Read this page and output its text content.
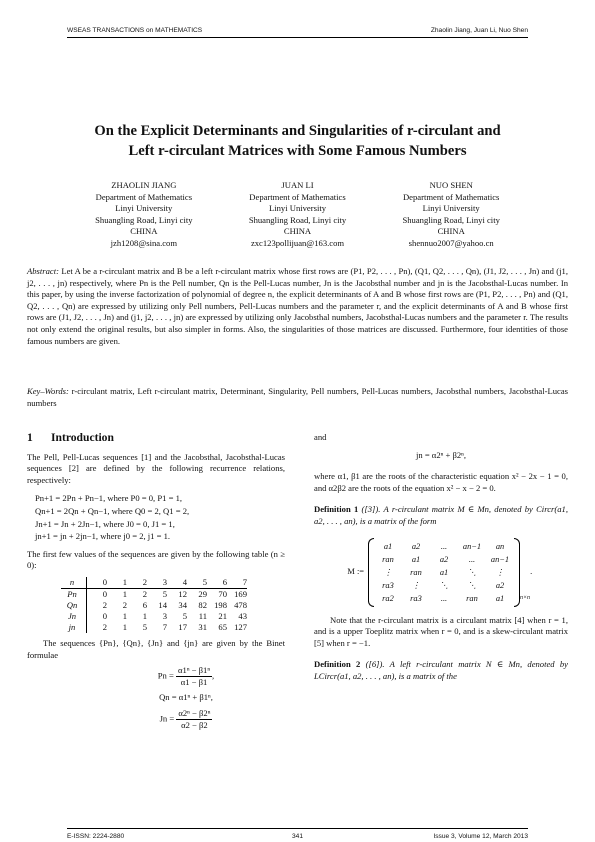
WSEAS TRANSACTIONS on MATHEMATICS	Zhaolin Jiang, Juan Li, Nuo Shen
On the Explicit Determinants and Singularities of r-circulant and
Left r-circulant Matrices with Some Famous Numbers
ZHAOLIN JIANG
Department of Mathematics
Linyi University
Shuangling Road, Linyi city
CHINA
jzh1208@sina.com
JUAN LI
Department of Mathematics
Linyi University
Shuangling Road, Linyi city
CHINA
zxc123pollijuan@163.com
NUO SHEN
Department of Mathematics
Linyi University
Shuangling Road, Linyi city
CHINA
shennuo2007@yahoo.cn
Abstract: Let A be a r-circulant matrix and B be a left r-circulant matrix whose first rows are (P1, P2, . . . , Pn), (Q1, Q2, . . . , Qn), (J1, J2, . . . , Jn) and (j1, j2, . . . , jn) respectively, where Pn is the Pell number, Qn is the Pell-Lucas number, Jn is the Jacobsthal number and jn is the Jacobsthal-Lucas number. In this paper, by using the inverse factorization of polynomial of degree n, the explicit determinants of A and B whose first rows are (P1, P2, . . . , Pn) and (Q1, Q2, . . . , Qn) are expressed by utilizing only Pell numbers, Pell-Lucas numbers and the parameter r, and the explicit determinants of A and B whose first rows are (J1, J2, . . . , Jn) and (j1, j2, . . . , jn) are expressed by utilizing only Jacobsthal numbers, Jacobsthal-Lucas numbers and the parameter r. The results not only extend the original results, but also simpler in forms. Also, the singularities of those matrices are discussed. Furthermore, four identities of those famous numbers are given.
Key–Words: r-circulant matrix, Left r-circulant matrix, Determinant, Singularity, Pell numbers, Pell-Lucas numbers, Jacobsthal numbers, Jacobsthal-Lucas numbers
1 Introduction

The Pell, Pell-Lucas sequences [1] and the Jacobsthal, Jacobsthal-Lucas sequences [2] are defined by the following recurrence relations, respectively:

Pn+1 = 2Pn + Pn−1, where P0 = 0, P1 = 1,
Qn+1 = 2Qn + Qn−1, where Q0 = 2, Q1 = 2,
Jn+1 = Jn + 2Jn−1, where J0 = 0, J1 = 1,
jn+1 = jn + 2jn−1, where j0 = 2, j1 = 1.

The first few values of the sequences are given by the following table (n ≥ 0):

n	0	1	2	3	4	5	6	7
Pn	0	1	2	5	12	29	70	169
Qn	2	2	6	14	34	82	198	478
Jn	0	1	1	3	5	11	21	43
jn	2	1	5	7	17	31	65	127

The sequences {Pn}, {Qn}, {Jn} and {jn} are given by the Binet formulae

$Pn = \frac{\text{α1ⁿ − β1ⁿ}}{\alpha 1 - \beta 1}$ ,
Qn = α1ⁿ + β1ⁿ,
$Jn = \frac{\text{α2ⁿ − β2ⁿ}}{\alpha 2 - \beta 2}$

and

jn = α2ⁿ + β2ⁿ,

where α1, β1 are the roots of the characteristic equation x² − 2x − 1 = 0, and α2β2 are the roots of the equation x² − x − 2 = 0.

Definition 1 ([3]). A r-circulant matrix M ∈ Mn, denoted by Circr(a1, a2, . . . , an), is a matrix of the form

M :=
a1	a2	...	an−1	an
ran	a1	a2	...	an−1
⋮	ran	a1	⋱	⋮
ra3	⋮	⋱	⋱	a2
ra2	ra3	...	ran	a1	n×n
.

Note that the r-circulant matrix is a circulant matrix [4] when r = 1, and is a upper Toeplitz matrix when r = 0, and is a skew-circulant matrix [5] when r = −1.

Definition 2 ([6]). A left r-circulant matrix N ∈ Mn, denoted by LCircr(a1, a2, . . . , an), is a matrix of the

E-ISSN: 2224-2880	341	Issue 3, Volume 12, March 2013
